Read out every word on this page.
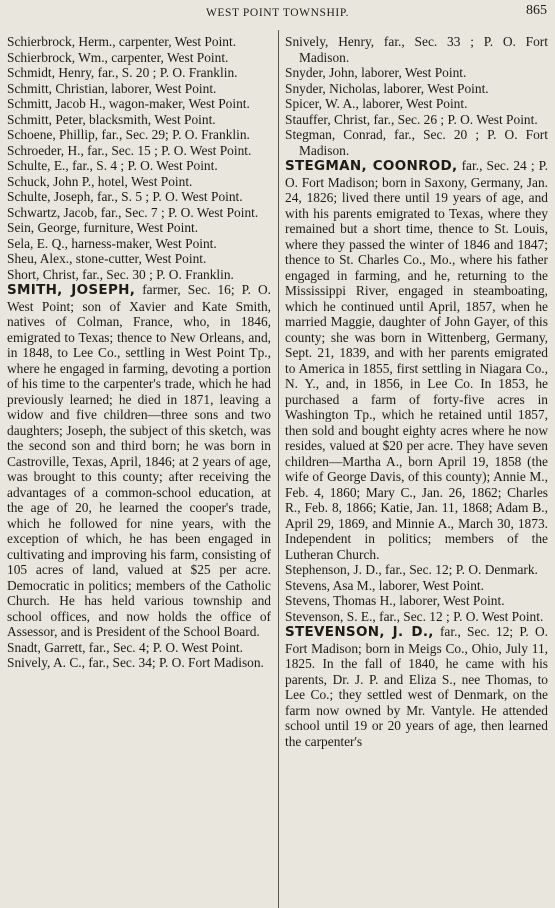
WEST POINT TOWNSHIP.	865

Schierbrock, Herm., carpenter, West Point.

Schierbrock, Wm., carpenter, West Point.

Schmidt, Henry, far., S. 20 ; P. O. Franklin.

Schmitt, Christian, laborer, West Point.

Schmitt, Jacob H., wagon-maker, West Point.

Schmitt, Peter, blacksmith, West Point.

Schoene, Phillip, far., Sec. 29; P. O. Franklin.

Schroeder, H., far., Sec. 15 ; P. O. West Point.

Schulte, E., far., S. 4 ; P. O. West Point.

Schuck, John P., hotel, West Point.

Schulte, Joseph, far., S. 5 ; P. O. West Point.

Schwartz, Jacob, far., Sec. 7 ; P. O. West Point.

Sein, George, furniture, West Point.

Sela, E. Q., harness-maker, West Point.

Sheu, Alex., stone-cutter, West Point.

Short, Christ, far., Sec. 30 ; P. O. Franklin.

SMITH, JOSEPH, farmer, Sec. 16; P. O. West Point; son of Xavier and Kate Smith, natives of Colman, France, who, in 1846, emigrated to Texas; thence to New Orleans, and, in 1848, to Lee Co., settling in West Point Tp., where he engaged in farming, devoting a portion of his time to the carpenter's trade, which he had previously learned; he died in 1871, leaving a widow and five children—three sons and two daughters; Joseph, the subject of this sketch, was the second son and third born; he was born in Castroville, Texas, April, 1846; at 2 years of age, was brought to this county; after receiving the advantages of a common-school education, at the age of 20, he learned the cooper's trade, which he followed for nine years, with the exception of which, he has been engaged in cultivating and improving his farm, consisting of 105 acres of land, valued at $25 per acre. Democratic in politics; members of the Catholic Church. He has held various township and school offices, and now holds the office of Assessor, and is President of the School Board.

Snadt, Garrett, far., Sec. 4; P. O. West Point.

Snively, A. C., far., Sec. 34; P. O. Fort Madison.

Snively, Henry, far., Sec. 33 ; P. O. Fort Madison.

Snyder, John, laborer, West Point.

Snyder, Nicholas, laborer, West Point.

Spicer, W. A., laborer, West Point.

Stauffer, Christ, far., Sec. 26 ; P. O. West Point.

Stegman, Conrad, far., Sec. 20 ; P. O. Fort Madison.

STEGMAN, COONROD, far., Sec. 24 ; P. O. Fort Madison; born in Saxony, Germany, Jan. 24, 1826; lived there until 19 years of age, and with his parents emigrated to Texas, where they remained but a short time, thence to St. Louis, where they passed the winter of 1846 and 1847; thence to St. Charles Co., Mo., where his father engaged in farming, and he, returning to the Mississippi River, engaged in steamboating, which he continued until April, 1857, when he married Maggie, daughter of John Gayer, of this county; she was born in Wittenberg, Germany, Sept. 21, 1839, and with her parents emigrated to America in 1855, first settling in Niagara Co., N. Y., and, in 1856, in Lee Co. In 1853, he purchased a farm of forty-five acres in Washington Tp., which he retained until 1857, then sold and bought eighty acres where he now resides, valued at $20 per acre. They have seven children—Martha A., born April 19, 1858 (the wife of George Davis, of this county); Annie M., Feb. 4, 1860; Mary C., Jan. 26, 1862; Charles R., Feb. 8, 1866; Katie, Jan. 11, 1868; Adam B., April 29, 1869, and Minnie A., March 30, 1873. Independent in politics; members of the Lutheran Church.

Stephenson, J. D., far., Sec. 12; P. O. Denmark.

Stevens, Asa M., laborer, West Point.

Stevens, Thomas H., laborer, West Point.

Stevenson, S. E., far., Sec. 12 ; P. O. West Point.

STEVENSON, J. D., far., Sec. 12; P. O. Fort Madison; born in Meigs Co., Ohio, July 11, 1825. In the fall of 1840, he came with his parents, Dr. J. P. and Eliza S., nee Thomas, to Lee Co.; they settled west of Denmark, on the farm now owned by Mr. Vantyle. He attended school until 19 or 20 years of age, then learned the carpenter's
